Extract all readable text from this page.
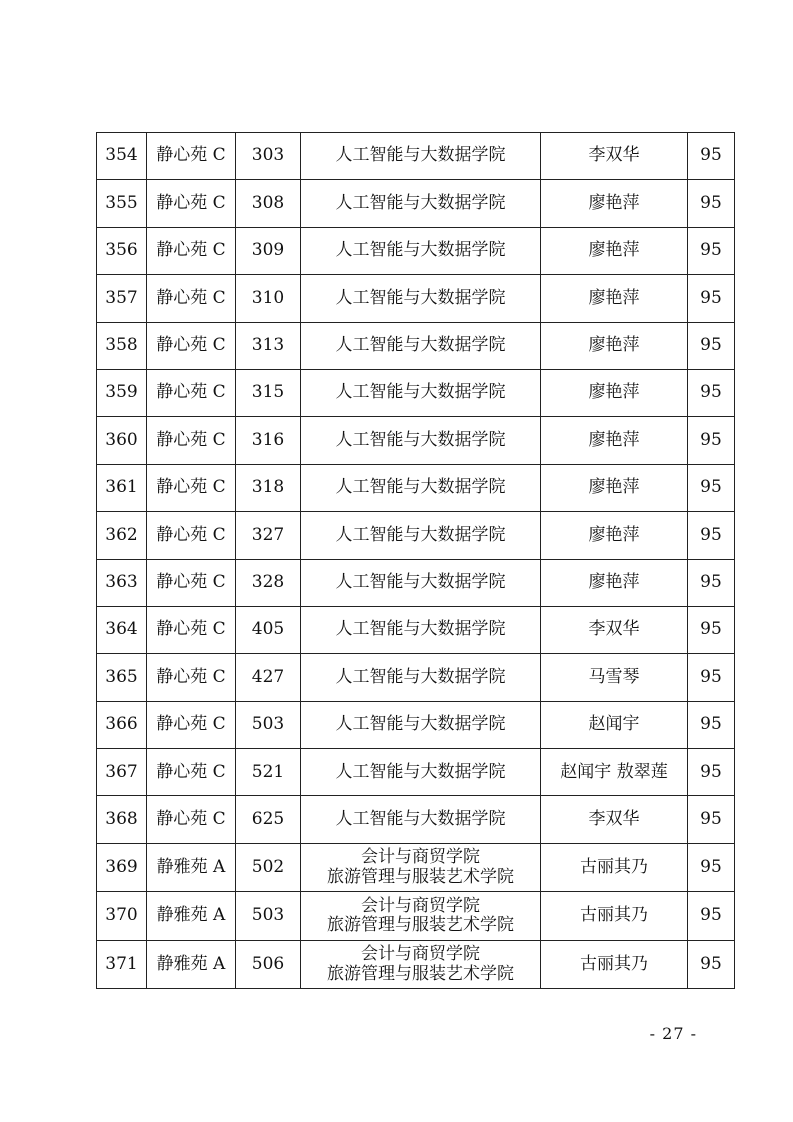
354	静心苑 C	303	人工智能与大数据学院	李双华	95
355	静心苑 C	308	人工智能与大数据学院	廖艳萍	95
356	静心苑 C	309	人工智能与大数据学院	廖艳萍	95
357	静心苑 C	310	人工智能与大数据学院	廖艳萍	95
358	静心苑 C	313	人工智能与大数据学院	廖艳萍	95
359	静心苑 C	315	人工智能与大数据学院	廖艳萍	95
360	静心苑 C	316	人工智能与大数据学院	廖艳萍	95
361	静心苑 C	318	人工智能与大数据学院	廖艳萍	95
362	静心苑 C	327	人工智能与大数据学院	廖艳萍	95
363	静心苑 C	328	人工智能与大数据学院	廖艳萍	95
364	静心苑 C	405	人工智能与大数据学院	李双华	95
365	静心苑 C	427	人工智能与大数据学院	马雪琴	95
366	静心苑 C	503	人工智能与大数据学院	赵闻宇	95
367	静心苑 C	521	人工智能与大数据学院	赵闻宇 敖翠莲	95
368	静心苑 C	625	人工智能与大数据学院	李双华	95
369	静雅苑 A	502	会计与商贸学院
旅游管理与服装艺术学院	古丽其乃	95
370	静雅苑 A	503	会计与商贸学院
旅游管理与服装艺术学院	古丽其乃	95
371	静雅苑 A	506	会计与商贸学院
旅游管理与服装艺术学院	古丽其乃	95
- 27 -
